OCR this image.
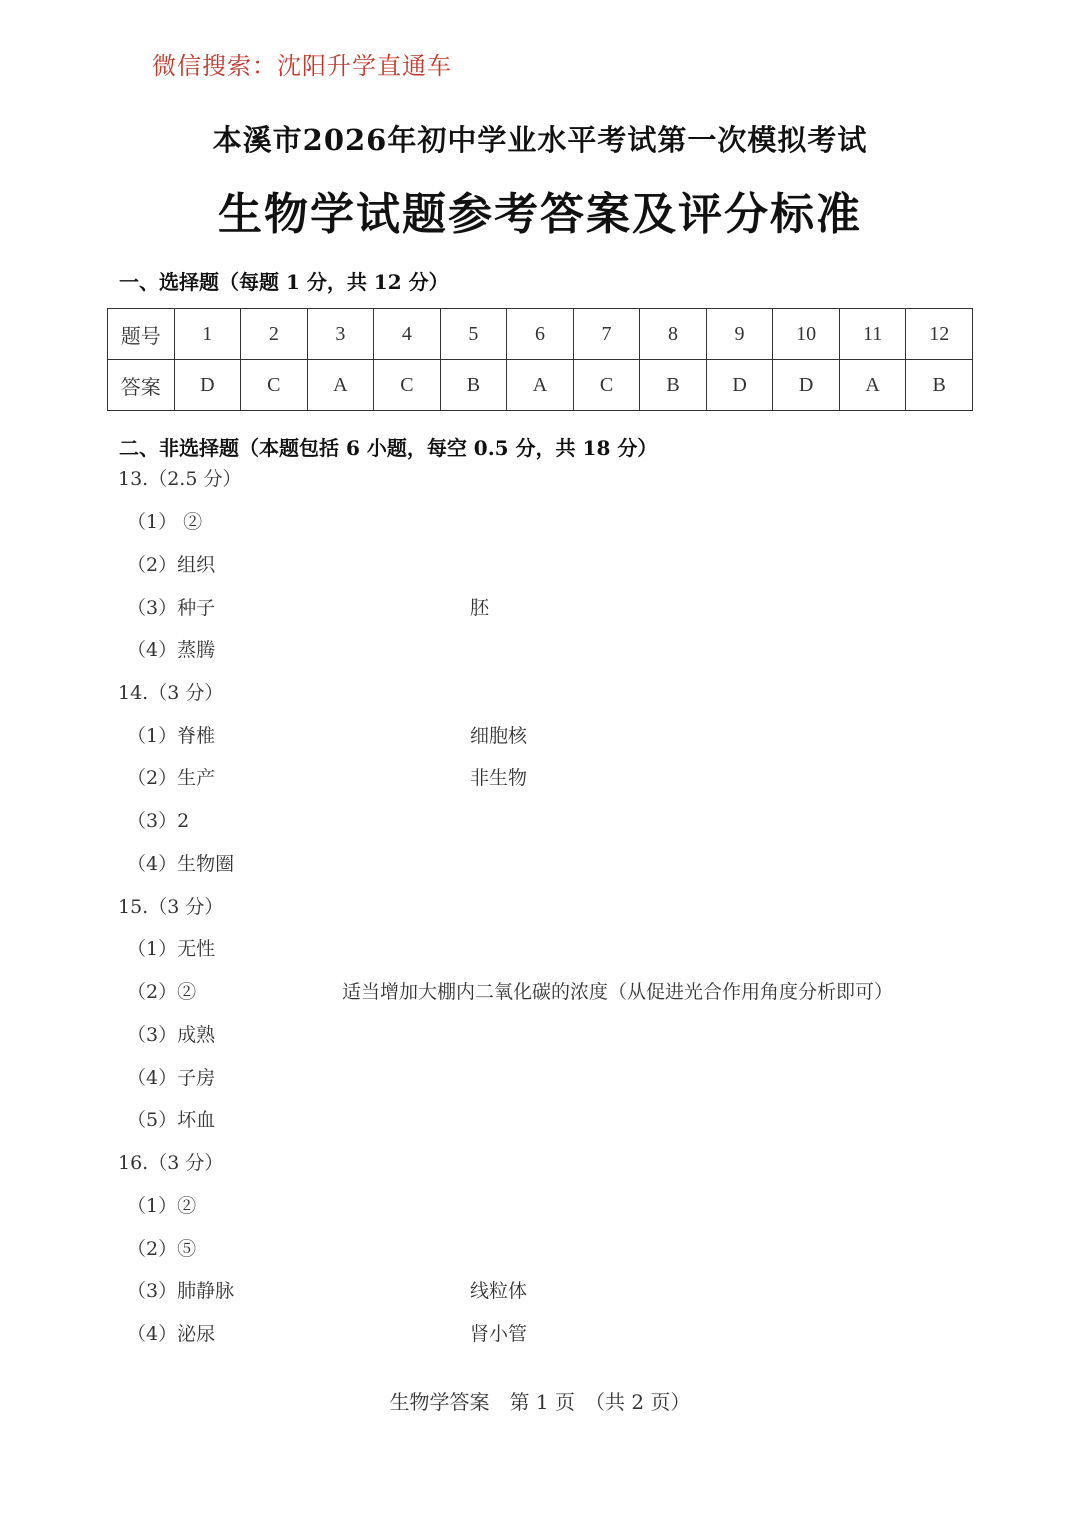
微信搜索：沈阳升学直通车
本溪市2026年初中学业水平考试第一次模拟考试
生物学试题参考答案及评分标准
一、选择题（每题 1 分，共 12 分）
题号	1	2	3	4	5	6	7	8	9	10	11	12
答案	D	C	A	C	B	A	C	B	D	D	A	B
二、非选择题（本题包括 6 小题，每空 0.5 分，共 18 分）
13.（2.5 分）
（1） ②
（2）组织
（3）种子	胚
（4）蒸腾
14.（3 分）
（1）脊椎	细胞核
（2）生产	非生物
（3）2
（4）生物圈
15.（3 分）
（1）无性
（2）②	适当增加大棚内二氧化碳的浓度（从促进光合作用角度分析即可）
（3）成熟
（4）子房
（5）坏血
16.（3 分）
（1）②
（2）⑤
（3）肺静脉	线粒体
（4）泌尿	肾小管
生物学答案　第 1 页　（共 2 页）
